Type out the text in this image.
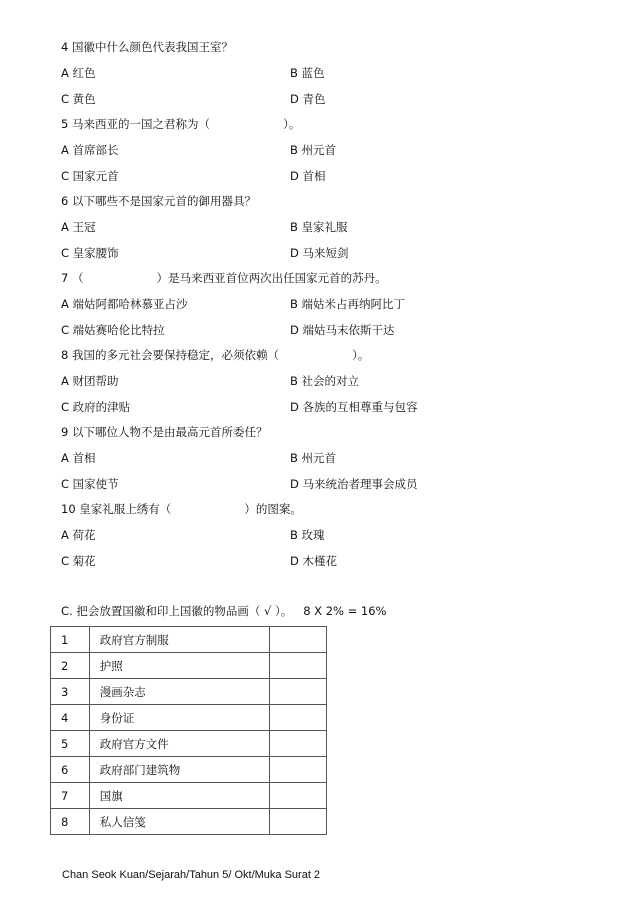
4 国徽中什么颜色代表我国王室？
A 红色	B 蓝色
C 黄色	D 青色
5 马来西亚的一国之君称为（                    ）。
A 首席部长	B 州元首
C 国家元首	D 首相
6 以下哪些不是国家元首的御用器具？
A 王冠	B 皇家礼服
C 皇家腰饰	D 马来短剑
7 （                    ）是马来西亚首位两次出任国家元首的苏丹。
A 端姑阿都哈林慕亚占沙	B 端姑米占再纳阿比丁
C 端姑赛哈伦比特拉	D 端姑马末依斯干达
8 我国的多元社会要保持稳定，必须依赖（                    ）。
A 财团帮助	B 社会的对立
C 政府的津贴	D 各族的互相尊重与包容
9 以下哪位人物不是由最高元首所委任？
A 首相	B 州元首
C 国家使节	D 马来统治者理事会成员
10 皇家礼服上绣有（                    ）的图案。
A 荷花	B 玫瑰
C 菊花	D 木槿花
C. 把会放置国徽和印上国徽的物品画（ √ ）。   8 X 2% = 16%
1	政府官方制服	
2	护照	
3	漫画杂志	
4	身份证	
5	政府官方文件	
6	政府部门建筑物	
7	国旗	
8	私人信笺	
Chan Seok Kuan/Sejarah/Tahun 5/ Okt/Muka Surat 2
